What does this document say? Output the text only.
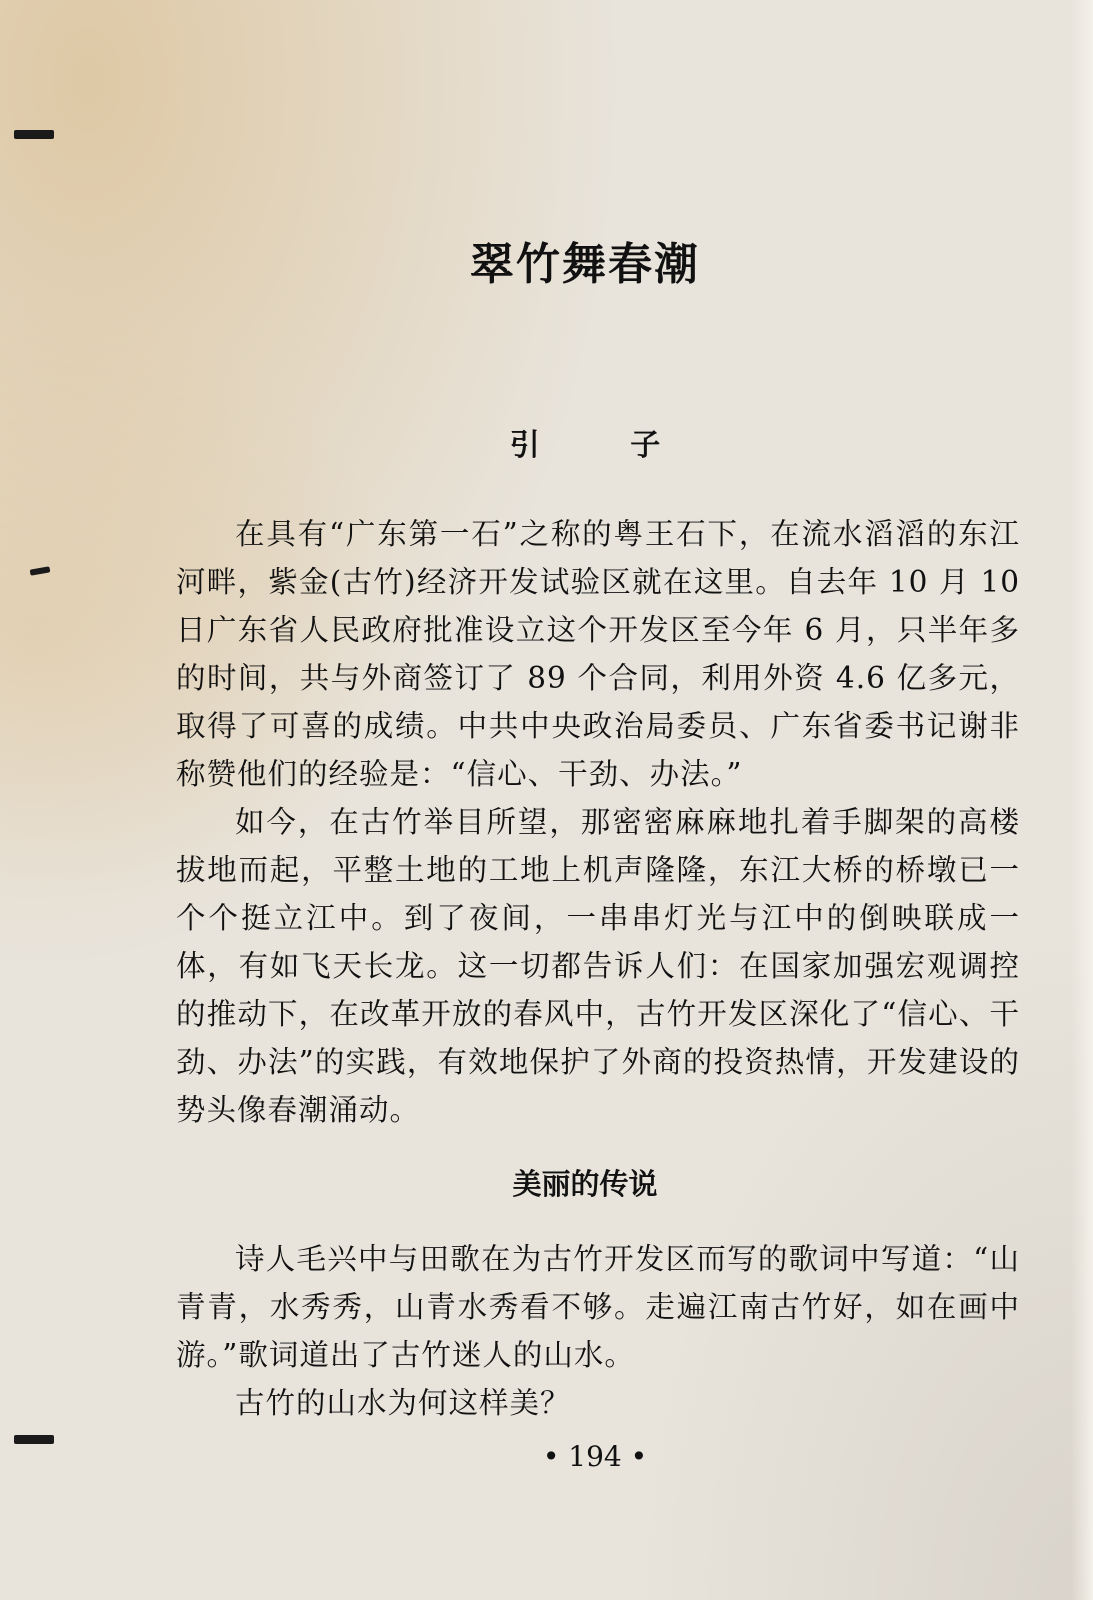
翠竹舞春潮
引 子

在具有“广东第一石”之称的粤王石下，在流水滔滔的东江河畔，紫金(古竹)经济开发试验区就在这里。自去年 10 月 10 日广东省人民政府批准设立这个开发区至今年 6 月，只半年多的时间，共与外商签订了 89 个合同，利用外资 4.6 亿多元，取得了可喜的成绩。中共中央政治局委员、广东省委书记谢非称赞他们的经验是：“信心、干劲、办法。”

如今，在古竹举目所望，那密密麻麻地扎着手脚架的高楼拔地而起，平整土地的工地上机声隆隆，东江大桥的桥墩已一个个挺立江中。到了夜间，一串串灯光与江中的倒映联成一体，有如飞天长龙。这一切都告诉人们：在国家加强宏观调控的推动下，在改革开放的春风中，古竹开发区深化了“信心、干劲、办法”的实践，有效地保护了外商的投资热情，开发建设的势头像春潮涌动。

美丽的传说

诗人毛兴中与田歌在为古竹开发区而写的歌词中写道：“山青青，水秀秀，山青水秀看不够。走遍江南古竹好，如在画中游。”歌词道出了古竹迷人的山水。

古竹的山水为何这样美？

• 194 •
